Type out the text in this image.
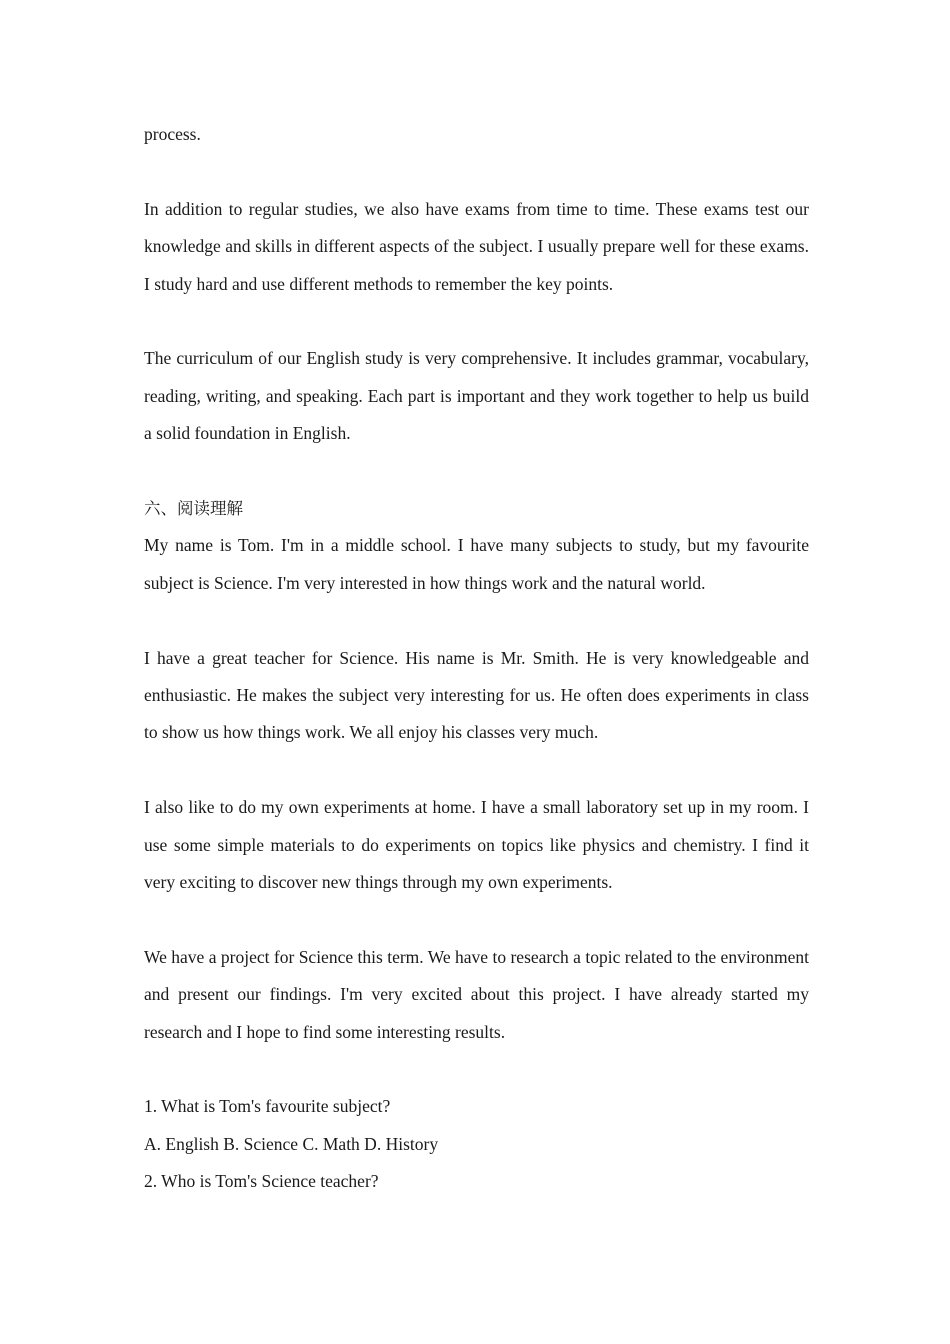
process.

In addition to regular studies, we also have exams from time to time. These exams test our knowledge and skills in different aspects of the subject. I usually prepare well for these exams. I study hard and use different methods to remember the key points.

The curriculum of our English study is very comprehensive. It includes grammar, vocabulary, reading, writing, and speaking. Each part is important and they work together to help us build a solid foundation in English.

六、阅读理解

My name is Tom. I'm in a middle school. I have many subjects to study, but my favourite subject is Science. I'm very interested in how things work and the natural world.

I have a great teacher for Science. His name is Mr. Smith. He is very knowledgeable and enthusiastic. He makes the subject very interesting for us. He often does experiments in class to show us how things work. We all enjoy his classes very much.

I also like to do my own experiments at home. I have a small laboratory set up in my room. I use some simple materials to do experiments on topics like physics and chemistry. I find it very exciting to discover new things through my own experiments.

We have a project for Science this term. We have to research a topic related to the environment and present our findings. I'm very excited about this project. I have already started my research and I hope to find some interesting results.

1. What is Tom's favourite subject?

A. English B. Science C. Math D. History

2. Who is Tom's Science teacher?
